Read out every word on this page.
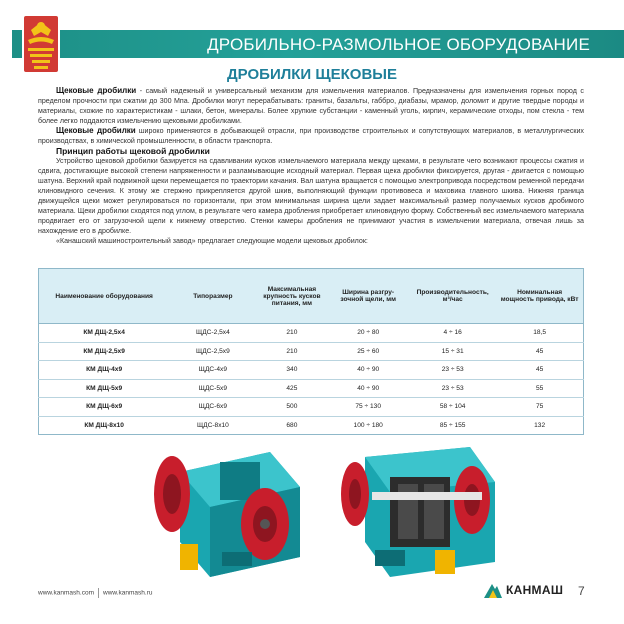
ДРОБИЛЬНО-РАЗМОЛЬНОЕ ОБОРУДОВАНИЕ
ДРОБИЛКИ ЩЕКОВЫЕ

Щековые дробилки - самый надежный и универсальный механизм для измельчения материалов. Предназначены для измельчения горных пород с пределом прочности при сжатии до 300 Мпа. Дробилки могут перерабатывать: граниты, базальты, габбро, диабазы, мрамор, доломит и другие твердые породы и материалы, схожие по характеристикам - шлаки, бетон, минералы. Более хрупкие субстанции - каменный уголь, кирпич, керамические отходы, пом стекла - тем более легко поддаются измельчению щековыми дробилками.

Щековые дробилки широко применяются в добывающей отрасли, при производстве строительных и сопутствующих материалов, в металлургических производствах, в химической промышленности, в области транспорта.

Принцип работы щековой дробилки

Устройство щековой дробилки базируется на сдавливании кусков измельчаемого материала между щеками, в результате чего возникают процессы сжатия и сдвига, достигающие высокой степени напряженности и разламывающие исходный материал. Первая щека дробилки фиксируется, другая - двигается с помощью шатуна. Верхний край подвижной щеки перемещается по траектории качания. Вал шатуна вращается с помощью электропривода посредством ременной передачи клиновидного сечения. К этому же стержню прикрепляется другой шкив, выполняющий функции противовеса и маховика главного шкива. Нижняя граница движущейся щеки может регулироваться по горизонтали, при этом минимальная ширина щели задает максимальный размер получаемых кусков дробимого материала. Щеки дробилки сходятся под углом, в результате чего камера дробления приобретает клиновидную форму. Собственный вес измельчаемого материала продвигает его от загрузочной щели к нижнему отверстию. Стенки камеры дробления не принимают участия в измельчении материала, отвечая лишь за нахождение его в дробилке.

«Канашский машиностроительный завод» предлагает следующие модели щековых дробилок:

Наименование оборудования	Типоразмер	Максимальная крупность кусков питания, мм	Ширина разгру-зочной щели, мм	Производительность, м³/час	Номинальная мощность привода, кВт
КМ ДЩ-2,5х4	ЩДС-2,5х4	210	20 ÷ 80	4 ÷ 16	18,5
КМ ДЩ-2,5х9	ЩДС-2,5х9	210	25 ÷ 60	15 ÷ 31	45
КМ ДЩ-4х9	ЩДС-4х9	340	40 ÷ 90	23 ÷ 53	45
КМ ДЩ-5х9	ЩДС-5х9	425	40 ÷ 90	23 ÷ 53	55
КМ ДЩ-6х9	ЩДС-6х9	500	75 ÷ 130	58 ÷ 104	75
КМ ДЩ-8х10	ЩДС-8х10	680	100 ÷ 180	85 ÷ 155	132
www.kanmash.com www.kanmash.ru	КАНМАШ 7
